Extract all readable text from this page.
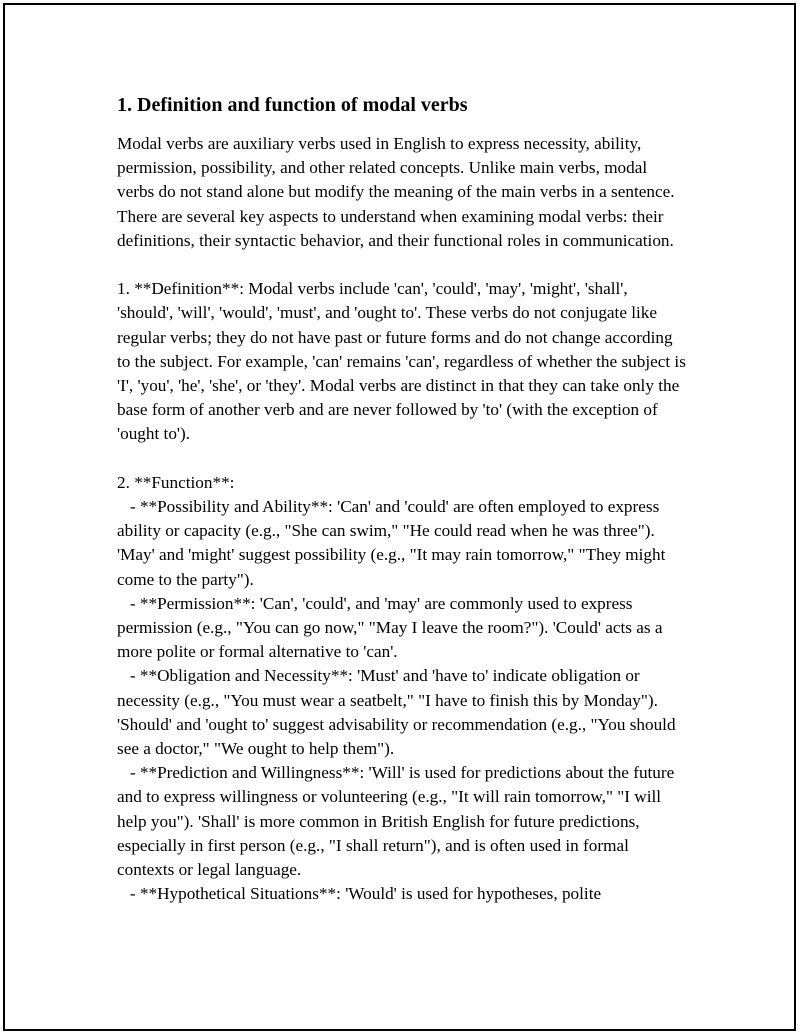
1. Definition and function of modal verbs

Modal verbs are auxiliary verbs used in English to express necessity, ability, permission, possibility, and other related concepts. Unlike main verbs, modal verbs do not stand alone but modify the meaning of the main verbs in a sentence. There are several key aspects to understand when examining modal verbs: their definitions, their syntactic behavior, and their functional roles in communication.

1. **Definition**: Modal verbs include 'can', 'could', 'may', 'might', 'shall', 'should', 'will', 'would', 'must', and 'ought to'. These verbs do not conjugate like regular verbs; they do not have past or future forms and do not change according to the subject. For example, 'can' remains 'can', regardless of whether the subject is 'I', 'you', 'he', 'she', or 'they'. Modal verbs are distinct in that they can take only the base form of another verb and are never followed by 'to' (with the exception of 'ought to').

2. **Function**:

- **Possibility and Ability**: 'Can' and 'could' are often employed to express ability or capacity (e.g., "She can swim," "He could read when he was three"). 'May' and 'might' suggest possibility (e.g., "It may rain tomorrow," "They might come to the party").

- **Permission**: 'Can', 'could', and 'may' are commonly used to express permission (e.g., "You can go now," "May I leave the room?"). 'Could' acts as a more polite or formal alternative to 'can'.

- **Obligation and Necessity**: 'Must' and 'have to' indicate obligation or necessity (e.g., "You must wear a seatbelt," "I have to finish this by Monday"). 'Should' and 'ought to' suggest advisability or recommendation (e.g., "You should see a doctor," "We ought to help them").

- **Prediction and Willingness**: 'Will' is used for predictions about the future and to express willingness or volunteering (e.g., "It will rain tomorrow," "I will help you"). 'Shall' is more common in British English for future predictions, especially in first person (e.g., "I shall return"), and is often used in formal contexts or legal language.

- **Hypothetical Situations**: 'Would' is used for hypotheses, polite
